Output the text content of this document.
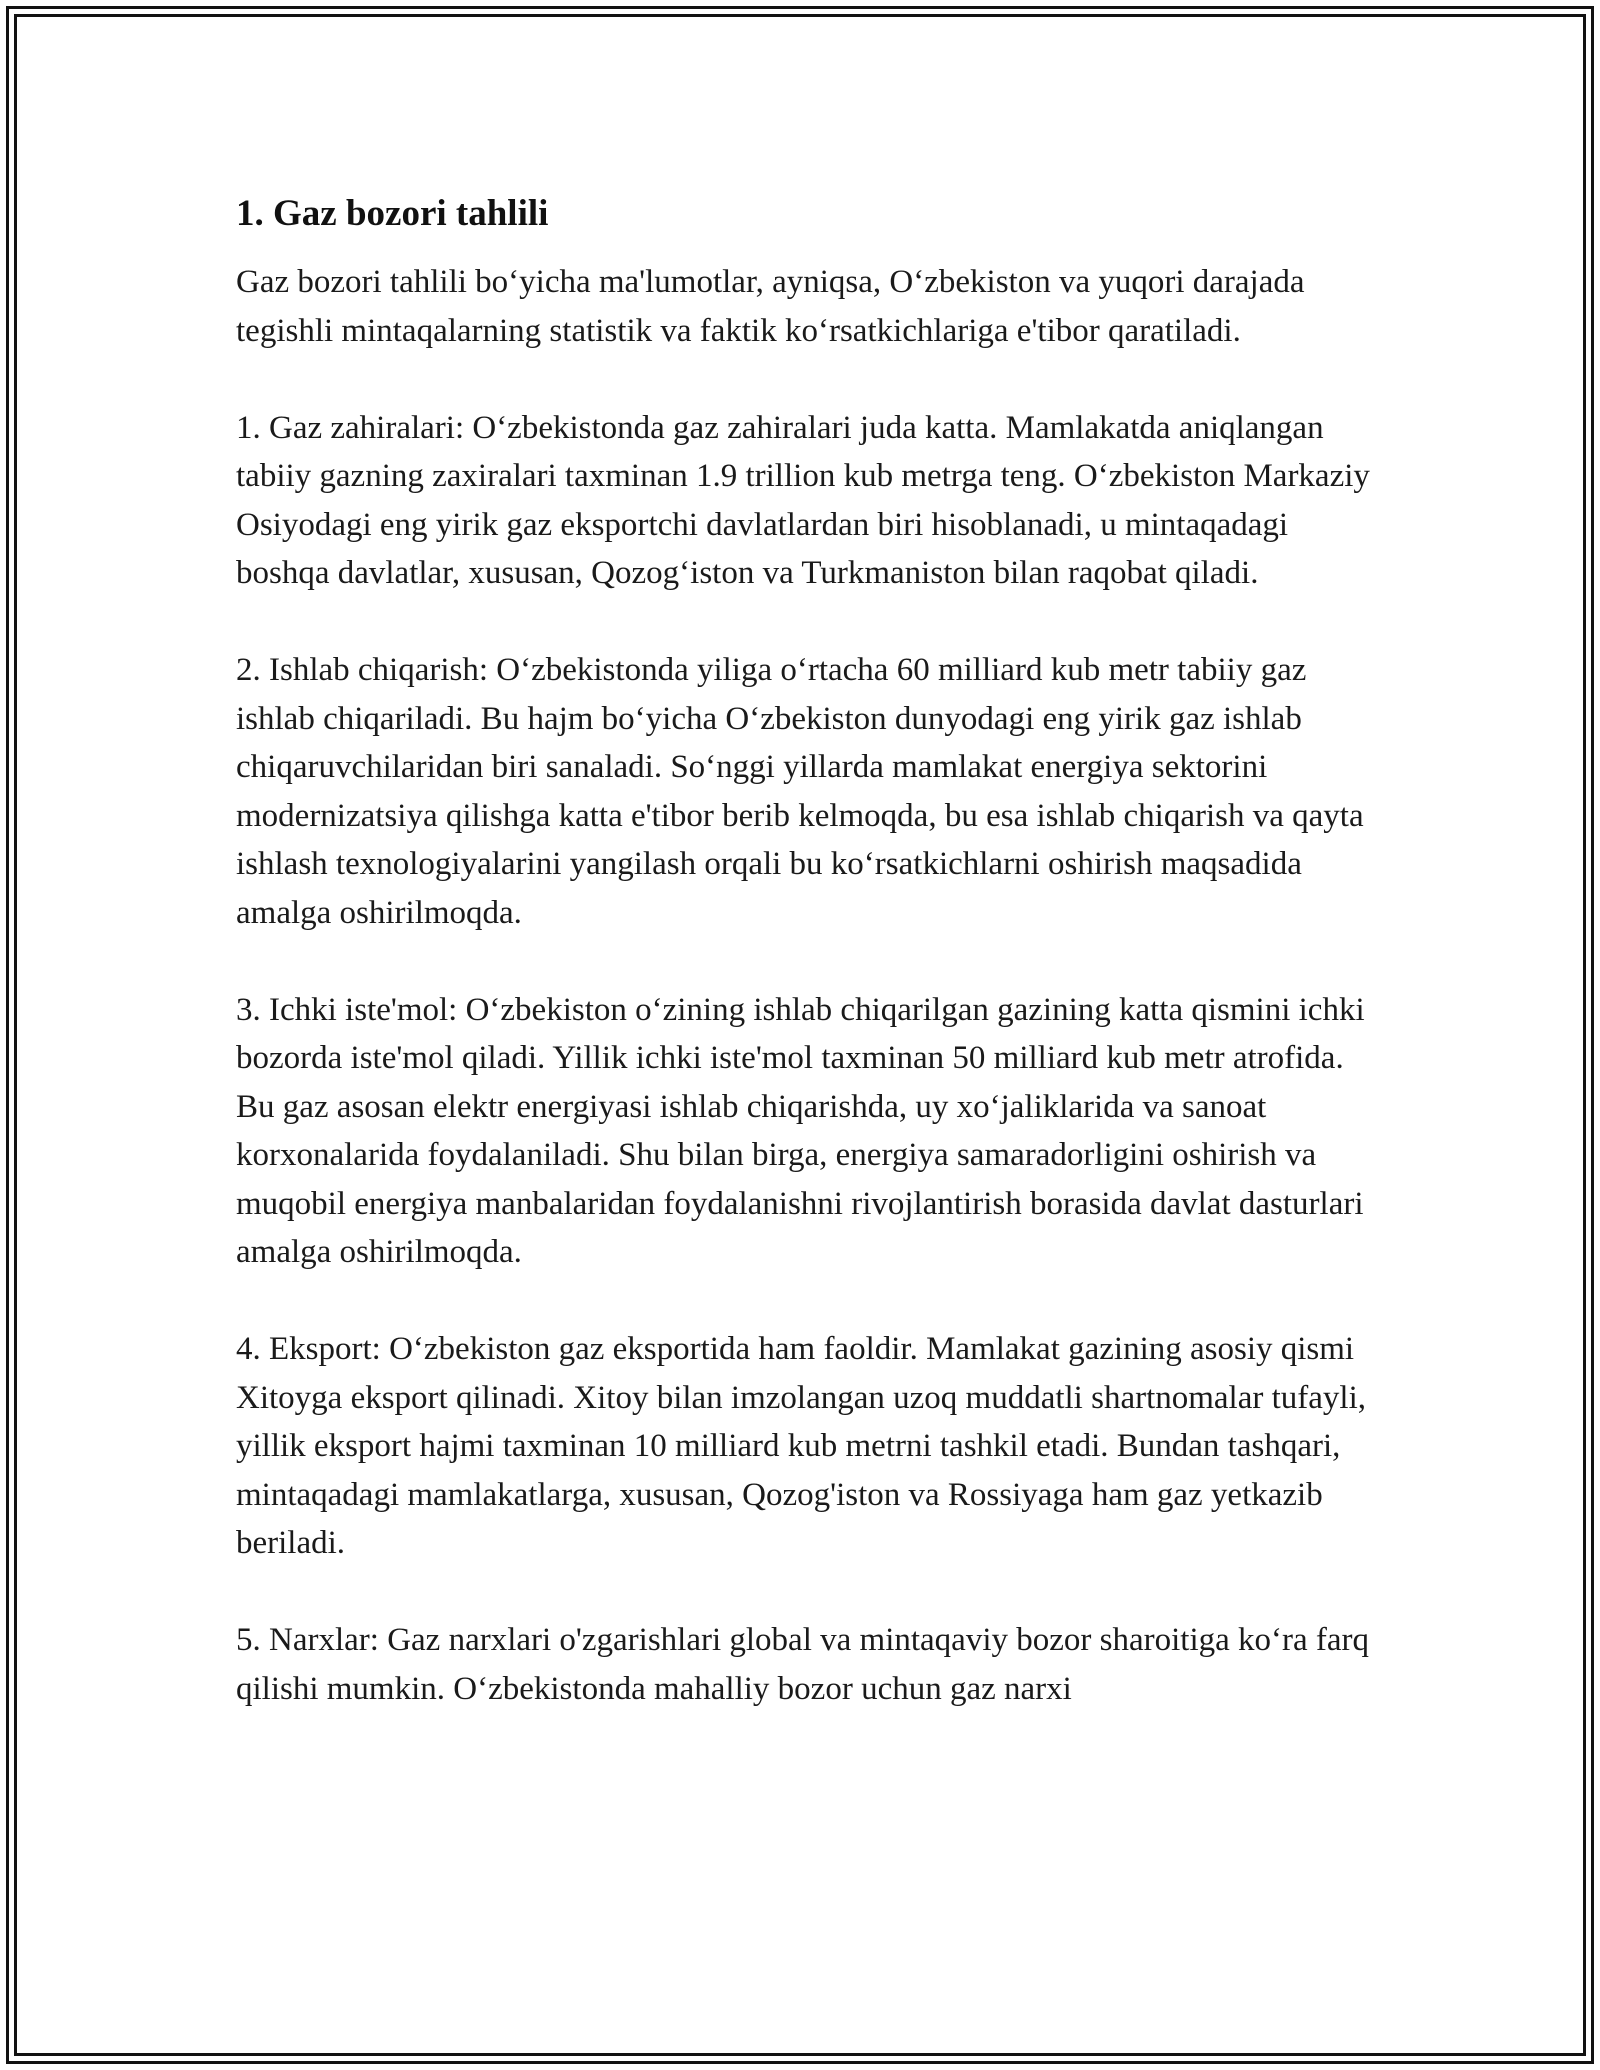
1. Gaz bozori tahlili

Gaz bozori tahlili bo‘yicha ma'lumotlar, ayniqsa, O‘zbekiston va yuqori darajada tegishli mintaqalarning statistik va faktik ko‘rsatkichlariga e'tibor qaratiladi.

1. Gaz zahiralari: O‘zbekistonda gaz zahiralari juda katta. Mamlakatda aniqlangan tabiiy gazning zaxiralari taxminan 1.9 trillion kub metrga teng. O‘zbekiston Markaziy Osiyodagi eng yirik gaz eksportchi davlatlardan biri hisoblanadi, u mintaqadagi boshqa davlatlar, xususan, Qozog‘iston va Turkmaniston bilan raqobat qiladi.

2. Ishlab chiqarish: O‘zbekistonda yiliga o‘rtacha 60 milliard kub metr tabiiy gaz ishlab chiqariladi. Bu hajm bo‘yicha O‘zbekiston dunyodagi eng yirik gaz ishlab chiqaruvchilaridan biri sanaladi. So‘nggi yillarda mamlakat energiya sektorini modernizatsiya qilishga katta e'tibor berib kelmoqda, bu esa ishlab chiqarish va qayta ishlash texnologiyalarini yangilash orqali bu ko‘rsatkichlarni oshirish maqsadida amalga oshirilmoqda.

3. Ichki iste'mol: O‘zbekiston o‘zining ishlab chiqarilgan gazining katta qismini ichki bozorda iste'mol qiladi. Yillik ichki iste'mol taxminan 50 milliard kub metr atrofida. Bu gaz asosan elektr energiyasi ishlab chiqarishda, uy xo‘jaliklarida va sanoat korxonalarida foydalaniladi. Shu bilan birga, energiya samaradorligini oshirish va muqobil energiya manbalaridan foydalanishni rivojlantirish borasida davlat dasturlari amalga oshirilmoqda.

4. Eksport: O‘zbekiston gaz eksportida ham faoldir. Mamlakat gazining asosiy qismi Xitoyga eksport qilinadi. Xitoy bilan imzolangan uzoq muddatli shartnomalar tufayli, yillik eksport hajmi taxminan 10 milliard kub metrni tashkil etadi. Bundan tashqari, mintaqadagi mamlakatlarga, xususan, Qozog'iston va Rossiyaga ham gaz yetkazib beriladi.

5. Narxlar: Gaz narxlari o'zgarishlari global va mintaqaviy bozor sharoitiga ko‘ra farq qilishi mumkin. O‘zbekistonda mahalliy bozor uchun gaz narxi
